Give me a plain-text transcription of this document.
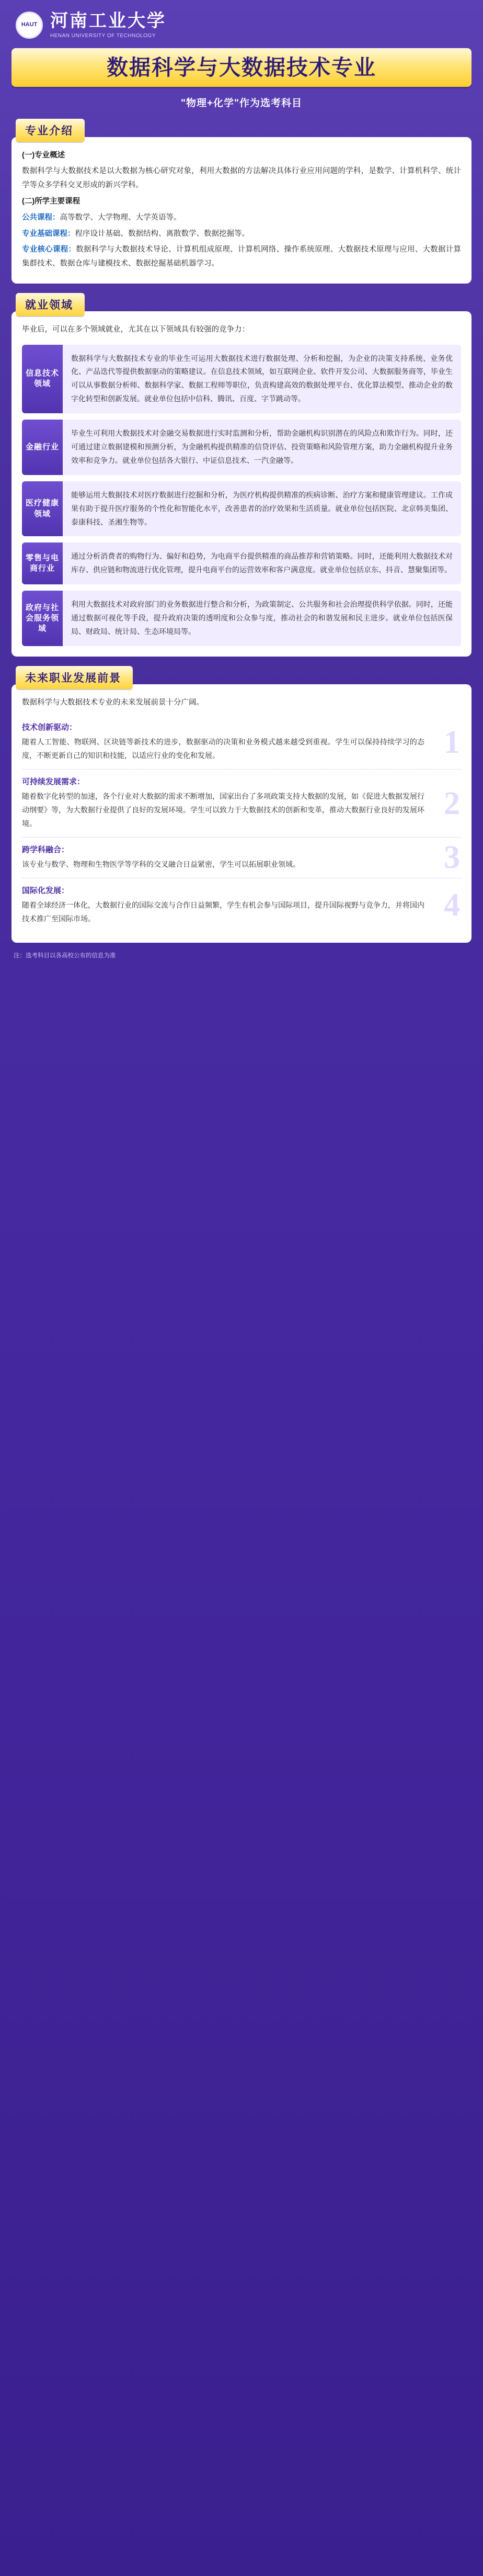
HAUT 河南工业大学
HENAN UNIVERSITY OF TECHNOLOGY
数据科学与大数据技术专业
"物理+化学"作为选考科目
专业介绍
(一)专业概述
数据科学与大数据技术是以大数据为核心研究对象，利用大数据的方法解决具体行业应用问题的学科，是数学、计算机科学、统计学等众多学科交叉形成的新兴学科。
(二)所学主要课程
公共课程：高等数学、大学物理、大学英语等。
专业基础课程：程序设计基础、数据结构、离散数学、数据挖掘等。
专业核心课程：数据科学与大数据技术导论、计算机组成原理、计算机网络、操作系统原理、大数据技术原理与应用、大数据计算集群技术、数据仓库与建模技术、数据挖掘基础机器学习。
就业领域
毕业后，可以在多个领域就业，尤其在以下领域具有较强的竞争力：
信息技术领域
数据科学与大数据技术专业的毕业生可运用大数据技术进行数据处理、分析和挖掘，为企业的决策支持系统、业务优化、产品迭代等提供数据驱动的策略建议。在信息技术领域，如互联网企业、软件开发公司、大数据服务商等，毕业生可以从事数据分析师、数据科学家、数据工程师等职位，负责构建高效的数据处理平台、优化算法模型、推动企业的数字化转型和创新发展。就业单位包括中信科、腾讯、百度、字节跳动等。
金融行业
毕业生可利用大数据技术对金融交易数据进行实时监测和分析，帮助金融机构识别潜在的风险点和欺诈行为。同时，还可通过建立数据建模和预测分析，为金融机构提供精准的信贷评估、投资策略和风险管理方案，助力金融机构提升业务效率和竞争力。就业单位包括各大银行、中证信息技术、一汽金融等。
医疗健康领域
能够运用大数据技术对医疗数据进行挖掘和分析，为医疗机构提供精准的疾病诊断、治疗方案和健康管理建议。工作成果有助于提升医疗服务的个性化和智能化水平，改善患者的治疗效果和生活质量。就业单位包括医院、北京韩美集团、泰康科技、圣湘生物等。
零售与电商行业
通过分析消费者的购物行为、偏好和趋势，为电商平台提供精准的商品推荐和营销策略。同时，还能利用大数据技术对库存、供应链和物流进行优化管理，提升电商平台的运营效率和客户满意度。就业单位包括京东、抖音、慧聚集团等。
政府与社会服务领域
利用大数据技术对政府部门的业务数据进行整合和分析，为政策制定、公共服务和社会治理提供科学依据。同时，还能通过数据可视化等手段，提升政府决策的透明度和公众参与度，推动社会的和谐发展和民主进步。就业单位包括医保局、财政局、统计局、生态环境局等。
未来职业发展前景
数据科学与大数据技术专业的未来发展前景十分广阔。
技术创新驱动：
随着人工智能、物联网、区块链等新技术的进步，数据驱动的决策和业务模式越来越受到重视。学生可以保持持续学习的态度，不断更新自己的知识和技能，以适应行业的变化和发展。	1
可持续发展需求：
随着数字化转型的加速，各个行业对大数据的需求不断增加，国家出台了多项政策支持大数据的发展，如《促进大数据发展行动纲要》等，为大数据行业提供了良好的发展环境。学生可以致力于大数据技术的创新和变革，推动大数据行业良好的发展环境。
2
跨学科融合：
该专业与数学、物理和生物医学等学科的交叉融合日益紧密，学生可以拓展职业领域。	3
国际化发展：
随着全球经济一体化，大数据行业的国际交流与合作日益频繁，学生有机会参与国际项目，提升国际视野与竞争力，并将国内技术推广至国际市场。	4
注：选考科目以各高校公布的信息为准
